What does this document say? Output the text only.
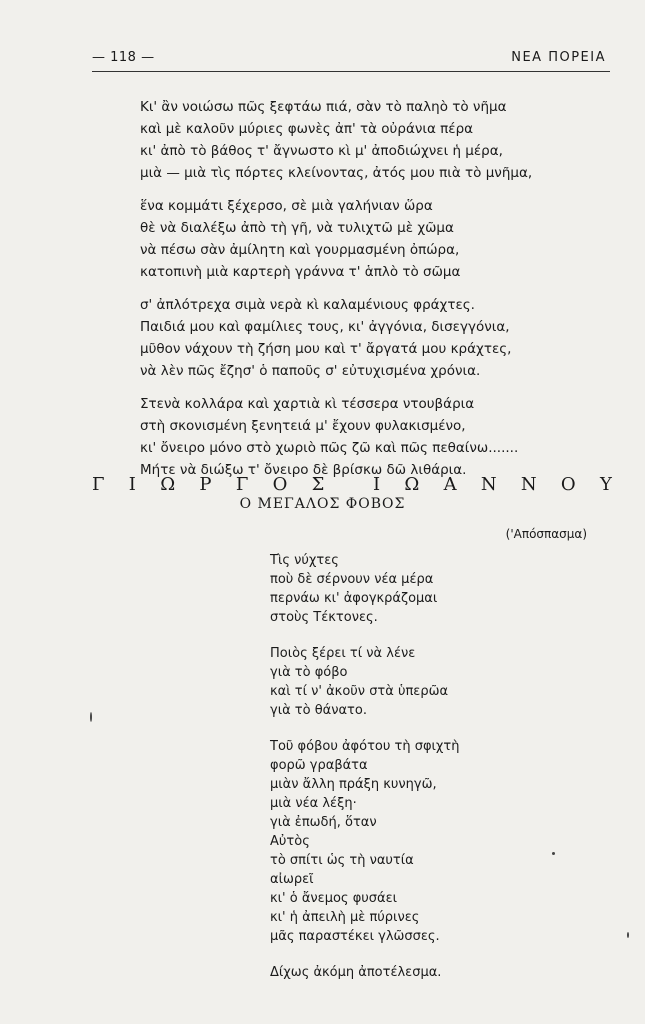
— 118 —	ΝΕΑ ΠΟΡΕΙΑ
Κι' ἂν νοιώσω πῶς ξεφτάω πιά, σὰν τὸ παληὸ τὸ νῆμα
καὶ μὲ καλοῦν μύριες φωνὲς ἀπ' τὰ οὐράνια πέρα
κι' ἀπὸ τὸ βάθος τ' ἄγνωστο κὶ μ' ἀποδιώχνει ἡ μέρα,
μιὰ — μιὰ τὶς πόρτες κλείνοντας, ἀτός μου πιὰ τὸ μνῆμα,
ἕνα κομμάτι ξέχερσο, σὲ μιὰ γαλήνιαν ὥρα
θὲ νὰ διαλέξω ἀπὸ τὴ γῆ, νὰ τυλιχτῶ μὲ χῶμα
νὰ πέσω σὰν ἀμίλητη καὶ γουρμασμένη ὀπώρα,
κατοπινὴ μιὰ καρτερὴ γράννα τ' ἁπλὸ τὸ σῶμα
σ' ἀπλότρεχα σιμὰ νερὰ κὶ καλαμένιους φράχτες.
Παιδιά μου καὶ φαμίλιες τους, κι' ἀγγόνια, δισεγγόνια,
μῦθον νάχουν τὴ ζήση μου καὶ τ' ἄργατά μου κράχτες,
νὰ λὲν πῶς ἔζησ' ὁ παποῦς σ' εὐτυχισμένα χρόνια.
Στενὰ κολλάρα καὶ χαρτιὰ κὶ τέσσερα ντουβάρια
στὴ σκονισμένη ξενητειά μ' ἔχουν φυλακισμένο,
κι' ὄνειρο μόνο στὸ χωριὸ πῶς ζῶ καὶ πῶς πεθαίνω.......
Μήτε νὰ διώξω τ' ὄνειρο δὲ βρίσκω δῶ λιθάρια.
Γ Ι Ω Ρ Γ Ο Σ	Ι Ω Α Ν Ν Ο Υ
Ο ΜΕΓΑΛΟΣ ΦΟΒΟΣ
('Απόσπασμα)
Τὶς νύχτες
ποὺ δὲ σέρνουν νέα μέρα
περνάω κι' ἀφογκράζομαι
στοὺς Τέκτονες.
Ποιὸς ξέρει τί νὰ λένε
γιὰ τὸ φόβο
καὶ τί ν' ἀκοῦν στὰ ὑπερῶα
γιὰ τὸ θάνατο.
Τοῦ φόβου ἀφότου τὴ σφιχτὴ
φορῶ γραβάτα
μιὰν ἄλλη πράξη κυνηγῶ,
μιὰ νέα λέξη·
γιὰ ἐπωδή, ὅταν
Αὐτὸς
τὸ σπίτι ὡς τὴ ναυτία
αἰωρεῖ
κι' ὁ ἄνεμος φυσάει
κι' ἡ ἀπειλὴ μὲ πύρινες
μᾶς παραστέκει γλῶσσες.
Δίχως ἀκόμη ἀποτέλεσμα.
